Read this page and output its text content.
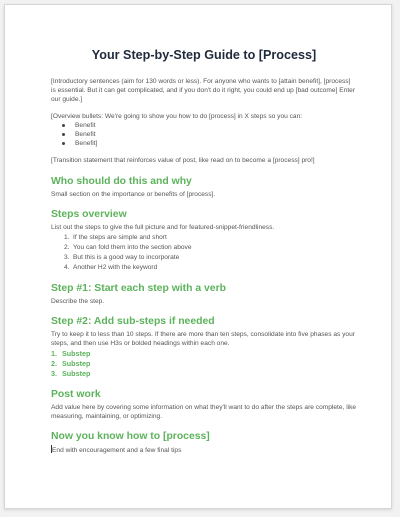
Your Step-by-Step Guide to [Process]

[Introductory sentences (aim for 130 words or less). For anyone who wants to [attain benefit], [process] is essential. But it can get complicated, and if you don't do it right, you could end up [bad outcome] Enter our guide.]

[Overview bullets: We're going to show you how to do [process] in X steps so you can:

Benefit
Benefit
Benefit]

[Transition statement that reinforces value of post, like read on to become a [process] pro!]

Who should do this and why

Small section on the importance or benefits of [process].

Steps overview

List out the steps to give the full picture and for featured-snippet-friendliness.

1. If the steps are simple and short
2. You can fold them into the section above
3. But this is a good way to incorporate
4. Another H2 with the keyword
Step #1: Start each step with a verb

Describe the step.

Step #2: Add sub-steps if needed

Try to keep it to less than 10 steps. If there are more than ten steps, consolidate into five phases as your steps, and then use H3s or bolded headings within each one.

1. Substep
2. Substep
3. Substep
Post work

Add value here by covering some information on what they'll want to do after the steps are complete, like measuring, maintaining, or optimizing.

Now you know how to [process]

End with encouragement and a few final tips
